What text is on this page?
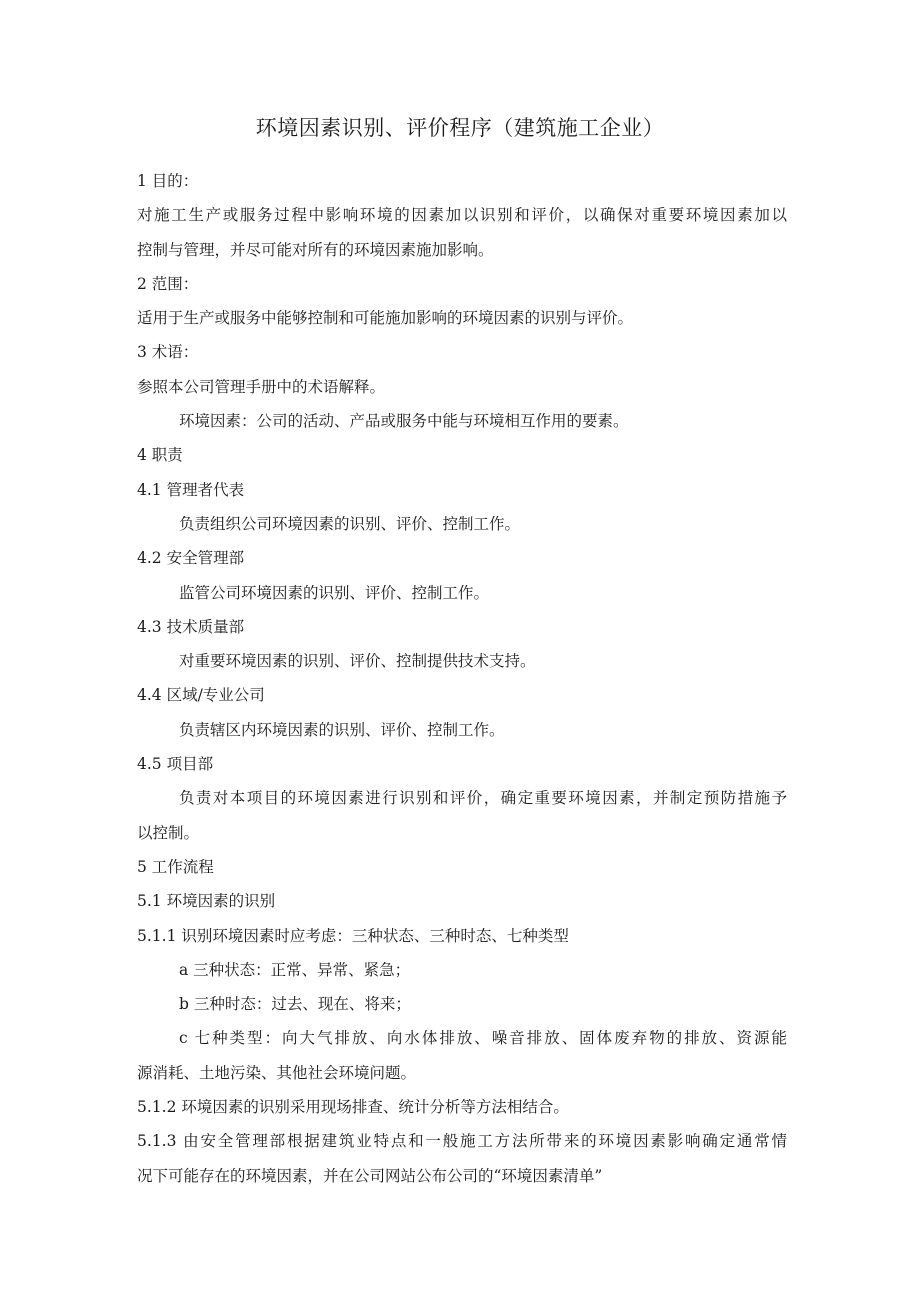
环境因素识别、评价程序（建筑施工企业）

1 目的：

对施工生产或服务过程中影响环境的因素加以识别和评价，以确保对重要环境因素加以

控制与管理，并尽可能对所有的环境因素施加影响。

2 范围：

适用于生产或服务中能够控制和可能施加影响的环境因素的识别与评价。

3 术语：

参照本公司管理手册中的术语解释。

环境因素：公司的活动、产品或服务中能与环境相互作用的要素。

4 职责

4.1 管理者代表

负责组织公司环境因素的识别、评价、控制工作。

4.2 安全管理部

监管公司环境因素的识别、评价、控制工作。

4.3 技术质量部

对重要环境因素的识别、评价、控制提供技术支持。

4.4 区域/专业公司

负责辖区内环境因素的识别、评价、控制工作。

4.5 项目部

负责对本项目的环境因素进行识别和评价，确定重要环境因素，并制定预防措施予

以控制。

5 工作流程

5.1 环境因素的识别

5.1.1 识别环境因素时应考虑：三种状态、三种时态、七种类型

a 三种状态：正常、异常、紧急；

b 三种时态：过去、现在、将来；

c 七种类型：向大气排放、向水体排放、噪音排放、固体废弃物的排放、资源能

源消耗、土地污染、其他社会环境问题。

5.1.2 环境因素的识别采用现场排查、统计分析等方法相结合。

5.1.3 由安全管理部根据建筑业特点和一般施工方法所带来的环境因素影响确定通常情

况下可能存在的环境因素，并在公司网站公布公司的“环境因素清单”
